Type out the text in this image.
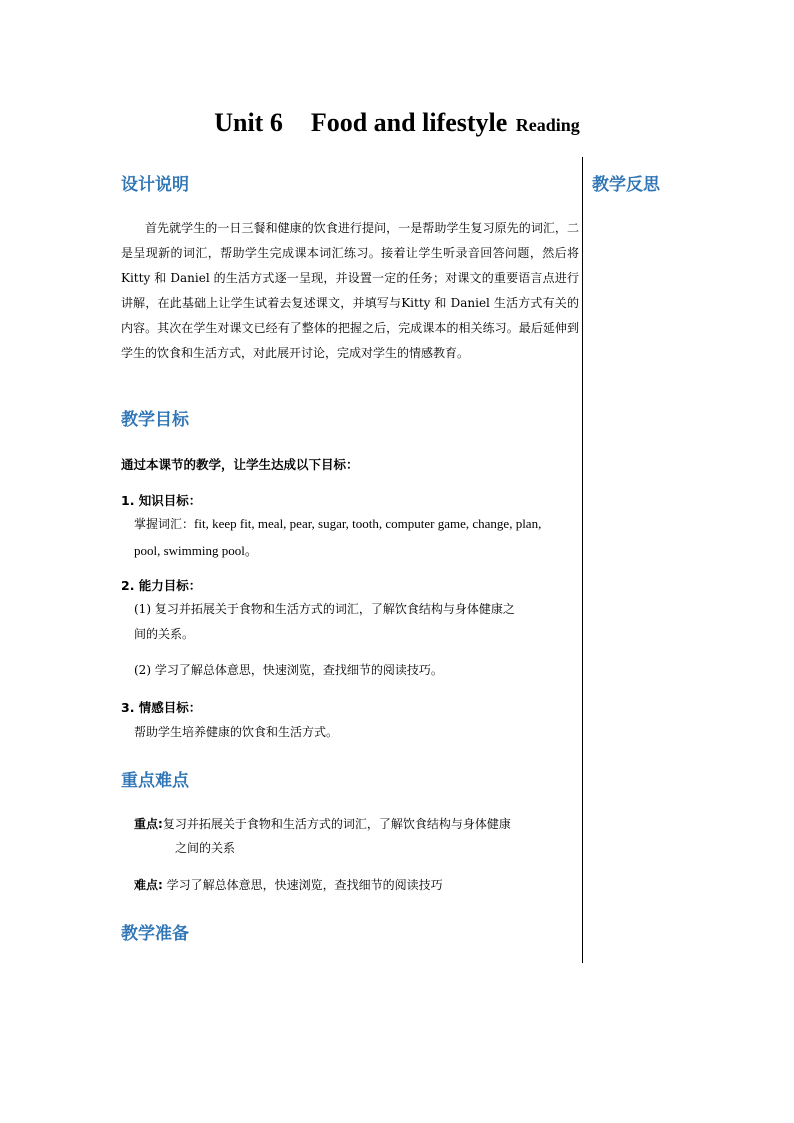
Unit 6 Food and lifestyle Reading
教学反思
设计说明

首先就学生的一日三餐和健康的饮食进行提问，一是帮助学生复习原先的词汇，二是呈现新的词汇，帮助学生完成课本词汇练习。接着让学生听录音回答问题，然后将Kitty 和 Daniel 的生活方式逐一呈现，并设置一定的任务；对课文的重要语言点进行讲解，在此基础上让学生试着去复述课文，并填写与Kitty 和 Daniel 生活方式有关的内容。其次在学生对课文已经有了整体的把握之后，完成课本的相关练习。最后延伸到学生的饮食和生活方式，对此展开讨论，完成对学生的情感教育。

教学目标
通过本课节的教学，让学生达成以下目标：
1. 知识目标：
掌握词汇：fit, keep fit, meal, pear, sugar, tooth, computer game, change, plan,
pool, swimming pool。
2. 能力目标：
(1) 复习并拓展关于食物和生活方式的词汇，了解饮食结构与身体健康之
间的关系。
(2) 学习了解总体意思，快速浏览，查找细节的阅读技巧。
3. 情感目标：
帮助学生培养健康的饮食和生活方式。
重点难点
重点:复习并拓展关于食物和生活方式的词汇，了解饮食结构与身体健康
之间的关系
难点: 学习了解总体意思，快速浏览，查找细节的阅读技巧
教学准备
